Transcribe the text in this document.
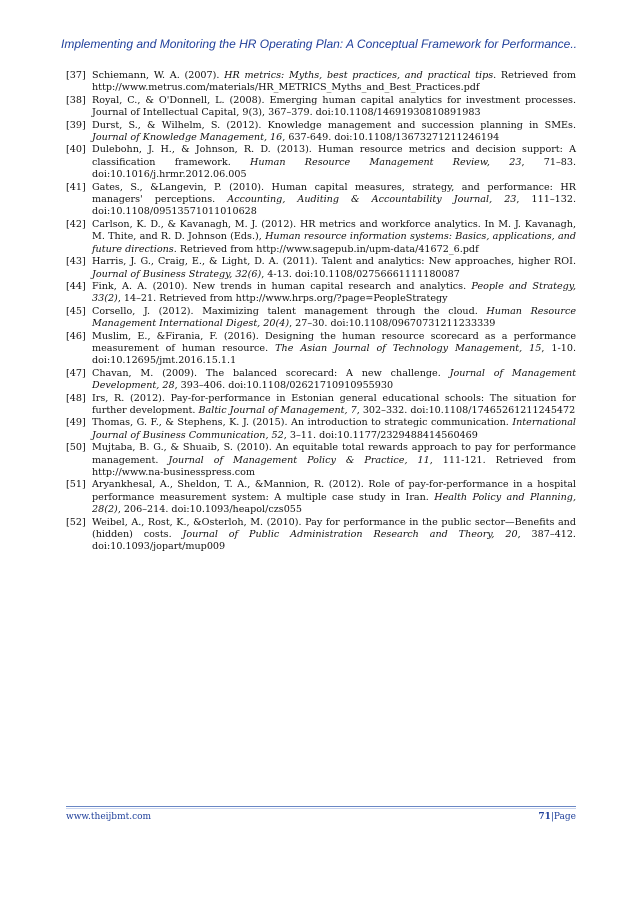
Implementing and Monitoring the HR Operating Plan: A Conceptual Framework for Performance..
[37] Schiemann, W. A. (2007). HR metrics: Myths, best practices, and practical tips. Retrieved from http://www.metrus.com/materials/HR_METRICS_Myths_and_Best_Practices.pdf
[38] Royal, C., & O'Donnell, L. (2008). Emerging human capital analytics for investment processes. Journal of Intellectual Capital, 9(3), 367–379. doi:10.1108/14691930810891983
[39] Durst, S., & Wilhelm, S. (2012). Knowledge management and succession planning in SMEs. Journal of Knowledge Management, 16, 637-649. doi:10.1108/13673271211246194
[40] Dulebohn, J. H., & Johnson, R. D. (2013). Human resource metrics and decision support: A classification framework. Human Resource Management Review, 23, 71–83. doi:10.1016/j.hrmr.2012.06.005
[41] Gates, S., &Langevin, P. (2010). Human capital measures, strategy, and performance: HR managers' perceptions. Accounting, Auditing & Accountability Journal, 23, 111–132. doi:10.1108/09513571011010628
[42] Carlson, K. D., & Kavanagh, M. J. (2012). HR metrics and workforce analytics. In M. J. Kavanagh, M. Thite, and R. D. Johnson (Eds.), Human resource information systems: Basics, applications, and future directions. Retrieved from http://www.sagepub.in/upm-data/41672_6.pdf
[43] Harris, J. G., Craig, E., & Light, D. A. (2011). Talent and analytics: New approaches, higher ROI. Journal of Business Strategy, 32(6), 4-13. doi:10.1108/02756661111180087
[44] Fink, A. A. (2010). New trends in human capital research and analytics. People and Strategy, 33(2), 14–21. Retrieved from http://www.hrps.org/?page=PeopleStrategy
[45] Corsello, J. (2012). Maximizing talent management through the cloud. Human Resource Management International Digest, 20(4), 27–30. doi:10.1108/09670731211233339
[46] Muslim, E., &Firania, F. (2016). Designing the human resource scorecard as a performance measurement of human resource. The Asian Journal of Technology Management, 15, 1-10. doi:10.12695/jmt.2016.15.1.1
[47] Chavan, M. (2009). The balanced scorecard: A new challenge. Journal of Management Development, 28, 393–406. doi:10.1108/02621710910955930
[48] Irs, R. (2012). Pay-for-performance in Estonian general educational schools: The situation for further development. Baltic Journal of Management, 7, 302–332. doi:10.1108/17465261211245472
[49] Thomas, G. F., & Stephens, K. J. (2015). An introduction to strategic communication. International Journal of Business Communication, 52, 3–11. doi:10.1177/2329488414560469
[50] Mujtaba, B. G., & Shuaib, S. (2010). An equitable total rewards approach to pay for performance management. Journal of Management Policy & Practice, 11, 111-121. Retrieved from http://www.na-businesspress.com
[51] Aryankhesal, A., Sheldon, T. A., &Mannion, R. (2012). Role of pay-for-performance in a hospital performance measurement system: A multiple case study in Iran. Health Policy and Planning, 28(2), 206–214. doi:10.1093/heapol/czs055
[52] Weibel, A., Rost, K., &Osterloh, M. (2010). Pay for performance in the public sector—Benefits and (hidden) costs. Journal of Public Administration Research and Theory, 20, 387–412. doi:10.1093/jopart/mup009
www.theijbmt.com	71|Page
